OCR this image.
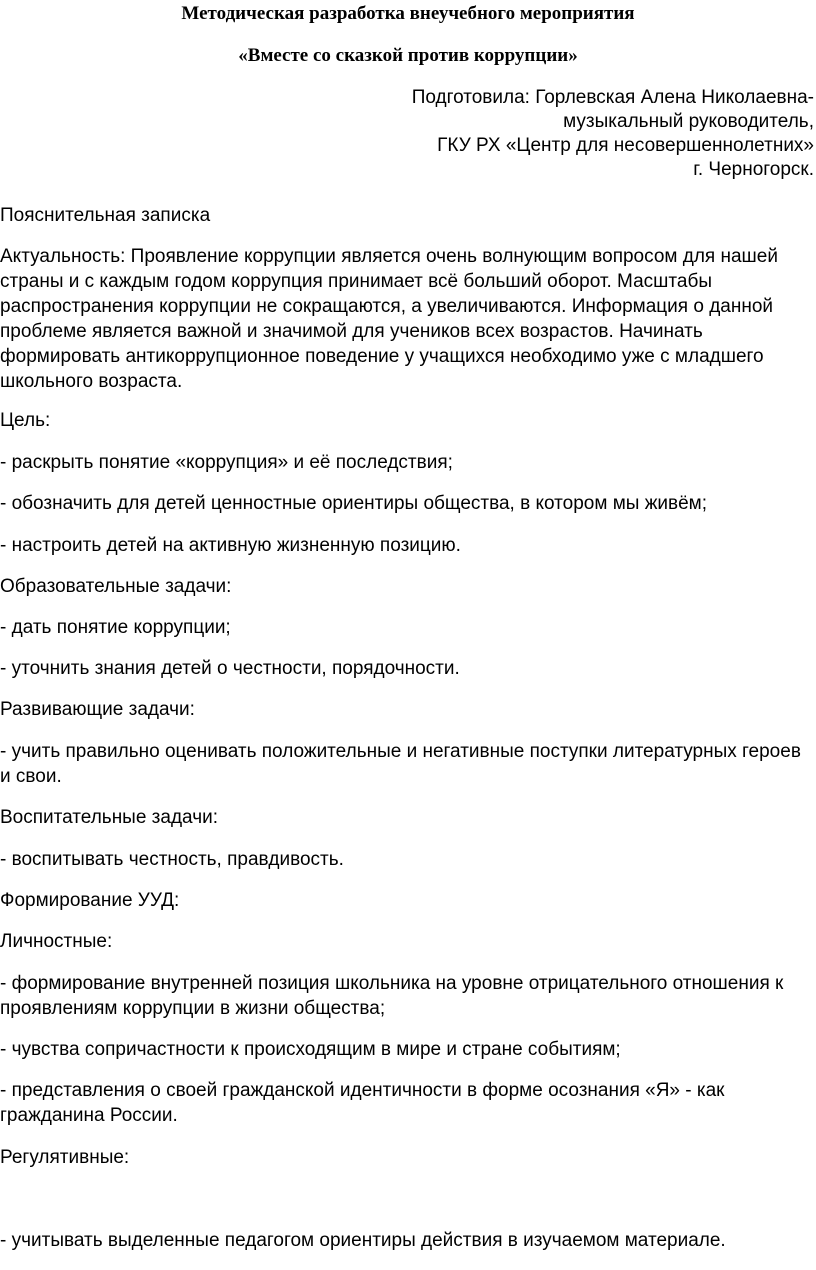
Методическая разработка внеучебного мероприятия
«Вместе со сказкой против коррупции»
Подготовила: Горлевская Алена Николаевна-
музыкальный руководитель,
ГКУ РХ «Центр для несовершеннолетних»
г. Черногорск.
Пояснительная записка
Актуальность: Проявление коррупции является очень волнующим вопросом для нашей
страны и с каждым годом коррупция принимает всё больший оборот. Масштабы
распространения коррупции не сокращаются, а увеличиваются. Информация о данной
проблеме является важной и значимой для учеников всех возрастов. Начинать
формировать антикоррупционное поведение у учащихся необходимо уже с младшего
школьного возраста.
Цель:
- раскрыть понятие «коррупция» и её последствия;
- обозначить для детей ценностные ориентиры общества, в котором мы живём;
- настроить детей на активную жизненную позицию.
Образовательные задачи:
- дать понятие коррупции;
- уточнить знания детей о честности, порядочности.
Развивающие задачи:
- учить правильно оценивать положительные и негативные поступки литературных героев
и свои.
Воспитательные задачи:
- воспитывать честность, правдивость.
Формирование УУД:
Личностные:
- формирование внутренней позиция школьника на уровне отрицательного отношения к
проявлениям коррупции в жизни общества;
- чувства сопричастности к происходящим в мире и стране событиям;
- представления о своей гражданской идентичности в форме осознания «Я» - как
гражданина России.
Регулятивные:
- учитывать выделенные педагогом ориентиры действия в изучаемом материале.
